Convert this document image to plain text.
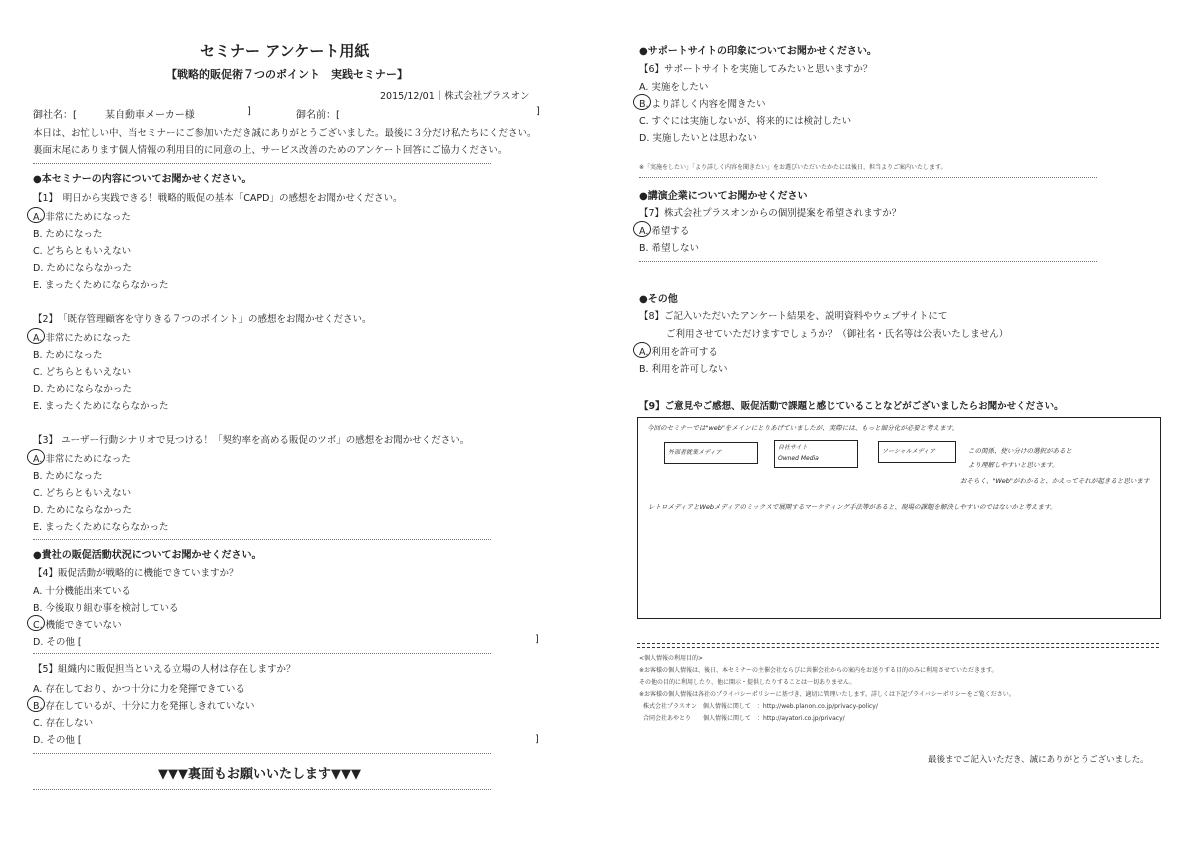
セミナー アンケート用紙
【戦略的販促術７つのポイント　実践セミナー】
2015/12/01｜株式会社プラスオン
御社名：[	某自動車メーカー様	]	御名前：[	]
本日は、お忙しい中、当セミナーにご参加いただき誠にありがとうございました。最後に３分だけ私たちにください。
裏面末尾にあります個人情報の利用目的に同意の上、サービス改善のためのアンケート回答にご協力ください。
●本セミナーの内容についてお聞かせください。
【1】　明日から実践できる！戦略的販促の基本「CAPD」の感想をお聞かせください。
A. 非常にためになった
B. ためになった
C. どちらともいえない
D. ためにならなかった
E. まったくためにならなかった
【2】　「既存管理顧客を守りきる７つのポイント」の感想をお聞かせください。
A. 非常にためになった
B. ためになった
C. どちらともいえない
D. ためにならなかった
E. まったくためにならなかった
【3】 ユーザー行動シナリオで見つける！「契約率を高める販促のツボ」の感想をお聞かせください。
A. 非常にためになった
B. ためになった
C. どちらともいえない
D. ためにならなかった
E. まったくためにならなかった
●貴社の販促活動状況についてお聞かせください。
【4】販促活動が戦略的に機能できていますか？
A. 十分機能出来ている
B. 今後取り組む事を検討している
C. 機能できていない
D. その他 [	]
【5】組織内に販促担当といえる立場の人材は存在しますか？
A. 存在しており、かつ十分に力を発揮できている
B. 存在しているが、十分に力を発揮しきれていない
C. 存在しない
D. その他 [	]
▼▼▼裏面もお願いいたします▼▼▼
●サポートサイトの印象についてお聞かせください。
【6】サポートサイトを実施してみたいと思いますか？
A. 実施をしたい
B. より詳しく内容を聞きたい
C. すぐには実施しないが、将来的には検討したい
D. 実施したいとは思わない
※「実施をしたい」「より詳しく内容を聞きたい」をお選びいただいたかたには後日、担当よりご案内いたします。
●講演企業についてお聞かせください
【7】株式会社プラスオンからの個別提案を希望されますか？
A. 希望する
B. 希望しない
●その他
【8】ご記入いただいたアンケート結果を、説明資料やウェブサイトにて
ご利用させていただけますでしょうか？（御社名・氏名等は公表いたしません）
A. 利用を許可する
B. 利用を許可しない
【9】ご意見やご感想、販促活動で課題と感じていることなどがございましたらお聞かせください。
今回のセミナーでは"web"をメインにとりあげていましたが、実際には、もっと細分化が必要と考えます。
外部者就業メディア
自社サイト
Owned Media
ソーシャルメディア	この関係、使い分けの選択があると
より理解しやすいと思います。
おそらく、"Web"がわかると、かえってそれが起きると思います
レトロメディアとWebメディアのミックスで展開するマーケティング手法等があると、現場の課題を解決しやすいのではないかと考えます。
<個人情報の利用目的>
※お客様の個人情報は、後日、本セミナーの主催会社ならびに共催会社からの案内をお送りする目的のみに利用させていただきます。
その他の目的に利用したり、他に開示・提供したりすることは一切ありません。
※お客様の個人情報は各社のプライバシーポリシーに基づき、適切に管理いたします。詳しくは下記プライバシーポリシーをご覧ください。
株式会社プラスオン　個人情報に関して　：http://web.planon.co.jp/privacy-policy/
合同会社あやとり　　個人情報に関して　：http://ayatori.co.jp/privacy/
最後までご記入いただき、誠にありがとうございました。
